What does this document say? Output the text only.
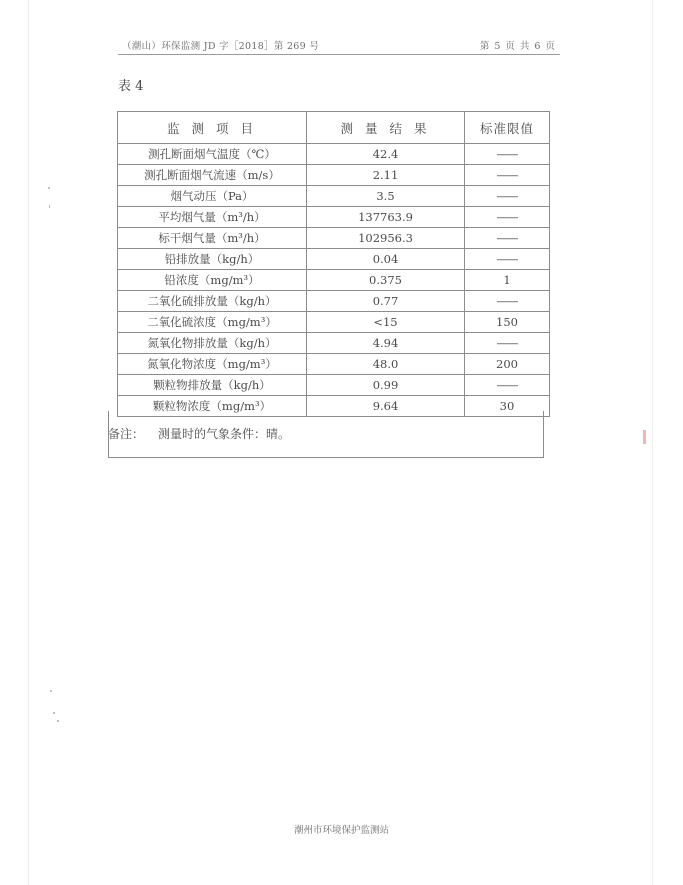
（潮山）环保监测 JD 字［2018］第 269 号	第 5 页 共 6 页
表 4
监 测 项 目	测 量 结 果	标准限值
测孔断面烟气温度（℃）	42.4	——
测孔断面烟气流速（m/s）	2.11	——
烟气动压（Pa）	3.5	——
平均烟气量（m³/h）	137763.9	——
标干烟气量（m³/h）	102956.3	——
铅排放量（kg/h）	0.04	——
铅浓度（mg/m³）	0.375	1
二氧化硫排放量（kg/h）	0.77	——
二氧化硫浓度（mg/m³）	<15	150
氮氧化物排放量（kg/h）	4.94	——
氮氧化物浓度（mg/m³）	48.0	200
颗粒物排放量（kg/h）	0.99	——
颗粒物浓度（mg/m³）	9.64	30
备注： 测量时的气象条件：晴。
潮州市环境保护监测站
